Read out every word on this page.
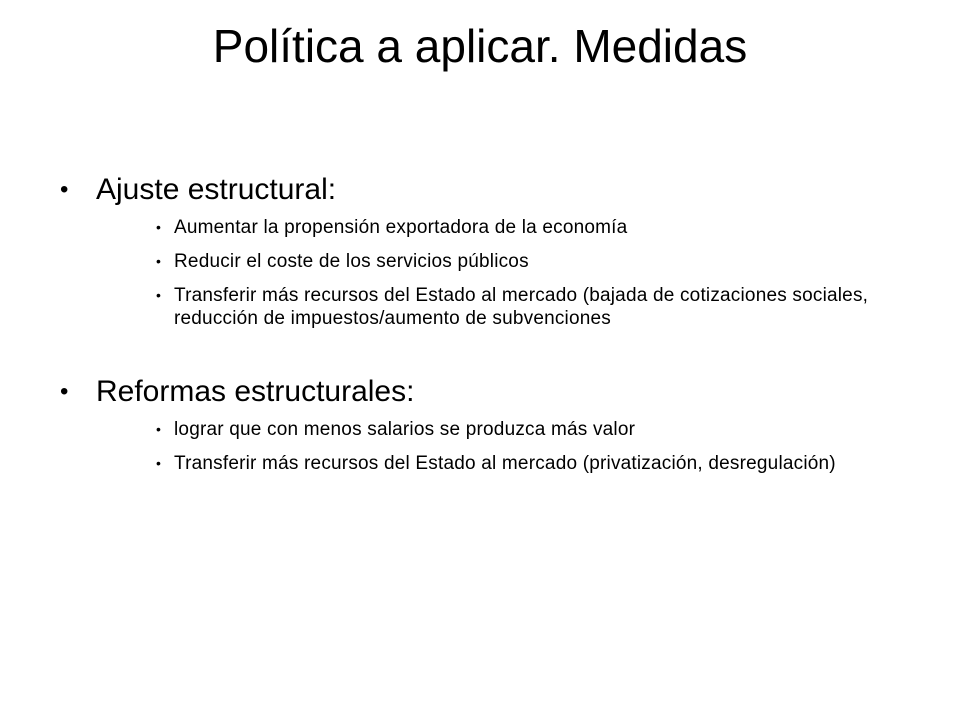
Política a aplicar. Medidas
• Ajuste estructural:
• Aumentar la propensión exportadora de la economía
• Reducir el coste de los servicios públicos
• Transferir más recursos del Estado al mercado (bajada de cotizaciones sociales, reducción de impuestos/aumento de subvenciones
• Reformas estructurales:
• lograr que con menos salarios se produzca más valor
• Transferir más recursos del Estado al mercado (privatización, desregulación)
